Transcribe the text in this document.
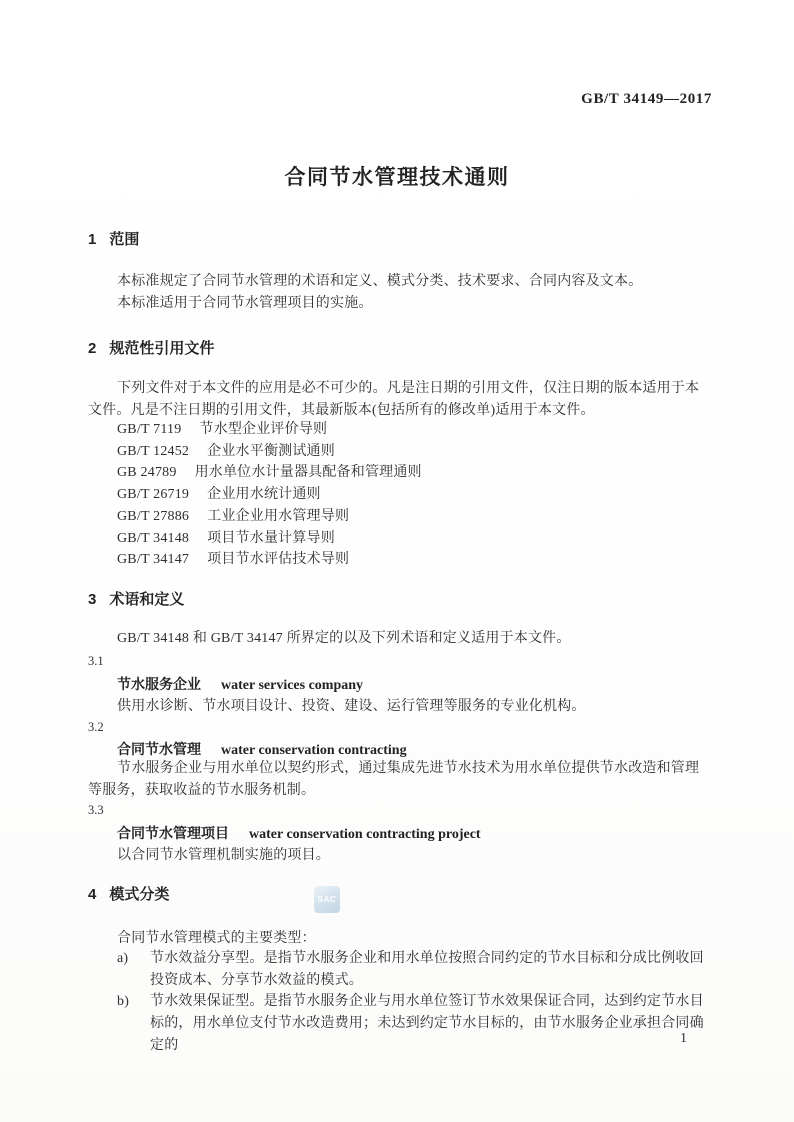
GB/T 34149—2017
合同节水管理技术通则
1 范围

本标准规定了合同节水管理的术语和定义、模式分类、技术要求、合同内容及文本。

本标准适用于合同节水管理项目的实施。

2 规范性引用文件
下列文件对于本文件的应用是必不可少的。凡是注日期的引用文件，仅注日期的版本适用于本文件。凡是不注日期的引用文件，其最新版本(包括所有的修改单)适用于本文件。
GB/T 7119 节水型企业评价导则
GB/T 12452 企业水平衡测试通则
GB 24789 用水单位水计量器具配备和管理通则
GB/T 26719 企业用水统计通则
GB/T 27886 工业企业用水管理导则
GB/T 34148 项目节水量计算导则
GB/T 34147 项目节水评估技术导则
3 术语和定义
GB/T 34148 和 GB/T 34147 所界定的以及下列术语和定义适用于本文件。
3.1
节水服务企业 water services company
供用水诊断、节水项目设计、投资、建设、运行管理等服务的专业化机构。
3.2
合同节水管理 water conservation contracting
节水服务企业与用水单位以契约形式，通过集成先进节水技术为用水单位提供节水改造和管理等服务，获取收益的节水服务机制。
3.3
合同节水管理项目 water conservation contracting project
以合同节水管理机制实施的项目。
4 模式分类	SAC
合同节水管理模式的主要类型：
a)	节水效益分享型。是指节水服务企业和用水单位按照合同约定的节水目标和分成比例收回投资成本、分享节水效益的模式。
b)	节水效果保证型。是指节水服务企业与用水单位签订节水效果保证合同，达到约定节水目标的，用水单位支付节水改造费用；未达到约定节水目标的，由节水服务企业承担合同确定的	1
